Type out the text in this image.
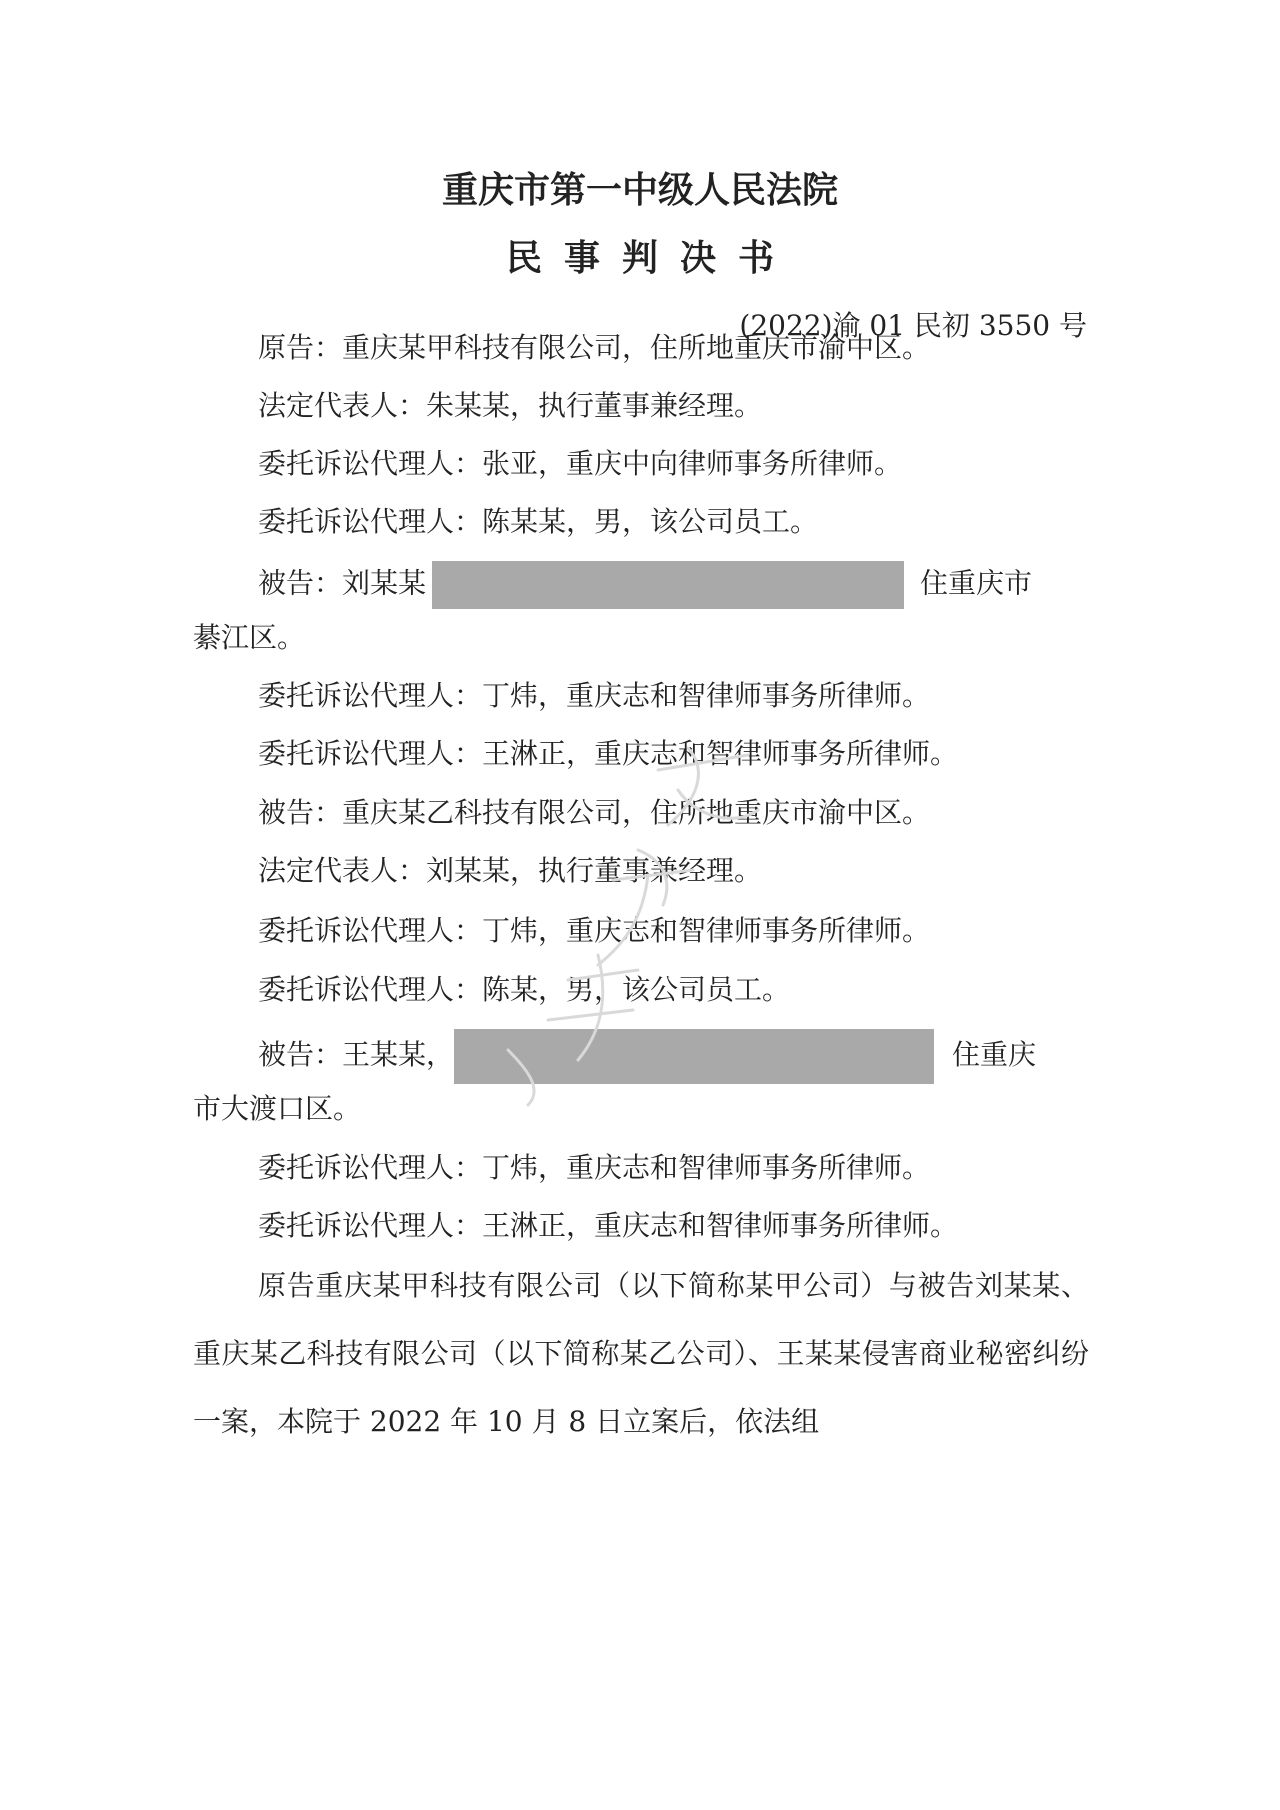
重庆市第一中级人民法院
民事判决书
(2022)渝 01 民初 3550 号
原告：重庆某甲科技有限公司，住所地重庆市渝中区。
法定代表人：朱某某，执行董事兼经理。
委托诉讼代理人：张亚，重庆中向律师事务所律师。
委托诉讼代理人：陈某某，男，该公司员工。
被告：刘某某	住重庆市
綦江区。
委托诉讼代理人：丁炜，重庆志和智律师事务所律师。
委托诉讼代理人：王淋正，重庆志和智律师事务所律师。
被告：重庆某乙科技有限公司，住所地重庆市渝中区。
法定代表人：刘某某，执行董事兼经理。
委托诉讼代理人：丁炜，重庆志和智律师事务所律师。
委托诉讼代理人：陈某，男，该公司员工。
被告：王某某，	住重庆
市大渡口区。
委托诉讼代理人：丁炜，重庆志和智律师事务所律师。
委托诉讼代理人：王淋正，重庆志和智律师事务所律师。
原告重庆某甲科技有限公司（以下简称某甲公司）与被告刘某某、重庆某乙科技有限公司（以下简称某乙公司）、王某某侵害商业秘密纠纷一案，本院于 2022 年 10 月 8 日立案后，依法组
